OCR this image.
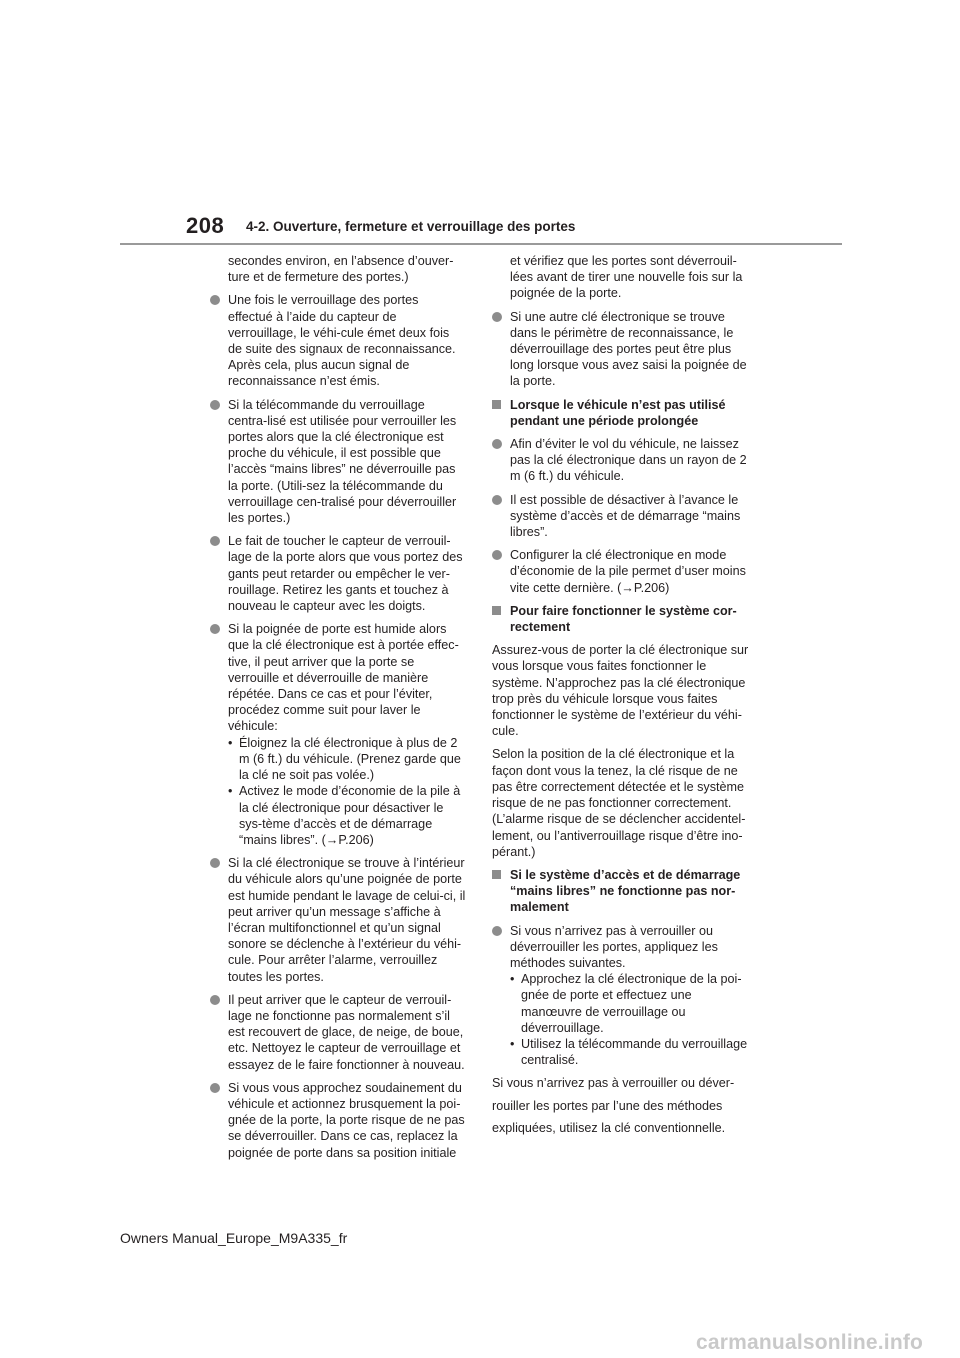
208 4-2. Ouverture, fermeture et verrouillage des portes

secondes environ, en l’absence d’ouver-ture et de fermeture des portes.)

Une fois le verrouillage des portes effectué à l’aide du capteur de verrouillage, le véhi-cule émet deux fois de suite des signaux de reconnaissance. Après cela, plus aucun signal de reconnaissance n’est émis.
Si la télécommande du verrouillage centra-lisé est utilisée pour verrouiller les portes alors que la clé électronique est proche du véhicule, il est possible que l’accès “mains libres” ne déverrouille pas la porte. (Utili-sez la télécommande du verrouillage cen-tralisé pour déverrouiller les portes.)
Le fait de toucher le capteur de verrouil-lage de la porte alors que vous portez des gants peut retarder ou empêcher le ver-rouillage. Retirez les gants et touchez à nouveau le capteur avec les doigts.
Si la poignée de porte est humide alors que la clé électronique est à portée effec-tive, il peut arriver que la porte se verrouille et déverrouille de manière répétée. Dans ce cas et pour l’éviter, procédez comme suit pour laver le véhicule:
• Éloignez la clé électronique à plus de 2 m (6 ft.) du véhicule. (Prenez garde que la clé ne soit pas volée.)
• Activez le mode d’économie de la pile à la clé électronique pour désactiver le sys-tème d’accès et de démarrage “mains libres”. (→P.206)
Si la clé électronique se trouve à l’intérieur du véhicule alors qu’une poignée de porte est humide pendant le lavage de celui-ci, il peut arriver qu’un message s’affiche à l’écran multifonctionnel et qu’un signal sonore se déclenche à l’extérieur du véhi-cule. Pour arrêter l’alarme, verrouillez toutes les portes.
Il peut arriver que le capteur de verrouil-lage ne fonctionne pas normalement s’il est recouvert de glace, de neige, de boue, etc. Nettoyez le capteur de verrouillage et essayez de le faire fonctionner à nouveau.
Si vous vous approchez soudainement du véhicule et actionnez brusquement la poi-gnée de la porte, la porte risque de ne pas se déverrouiller. Dans ce cas, replacez la poignée de porte dans sa position initiale

et vérifiez que les portes sont déverrouil-lées avant de tirer une nouvelle fois sur la poignée de la porte.

Si une autre clé électronique se trouve dans le périmètre de reconnaissance, le déverrouillage des portes peut être plus long lorsque vous avez saisi la poignée de la porte.
Lorsque le véhicule n’est pas utilisé pendant une période prolongée
Afin d’éviter le vol du véhicule, ne laissez pas la clé électronique dans un rayon de 2 m (6 ft.) du véhicule.
Il est possible de désactiver à l’avance le système d’accès et de démarrage “mains libres”.
Configurer la clé électronique en mode d’économie de la pile permet d’user moins vite cette dernière. (→P.206)
Pour faire fonctionner le système cor-rectement

Assurez-vous de porter la clé électronique sur vous lorsque vous faites fonctionner le système. N’approchez pas la clé électronique trop près du véhicule lorsque vous faites fonctionner le système de l’extérieur du véhi-cule.

Selon la position de la clé électronique et la façon dont vous la tenez, la clé risque de ne pas être correctement détectée et le système risque de ne pas fonctionner correctement. (L’alarme risque de se déclencher accidentel-lement, ou l’antiverrouillage risque d’être ino-pérant.)

Si le système d’accès et de démarrage “mains libres” ne fonctionne pas nor-malement
Si vous n’arrivez pas à verrouiller ou déverrouiller les portes, appliquez les méthodes suivantes.
• Approchez la clé électronique de la poi-gnée de porte et effectuez une manœuvre de verrouillage ou déverrouillage.
• Utilisez la télécommande du verrouillage centralisé.

Si vous n’arrivez pas à verrouiller ou déver-

rouiller les portes par l’une des méthodes

expliquées, utilisez la clé conventionnelle.

Owners Manual_Europe_M9A335_fr
carmanualsonline.info
